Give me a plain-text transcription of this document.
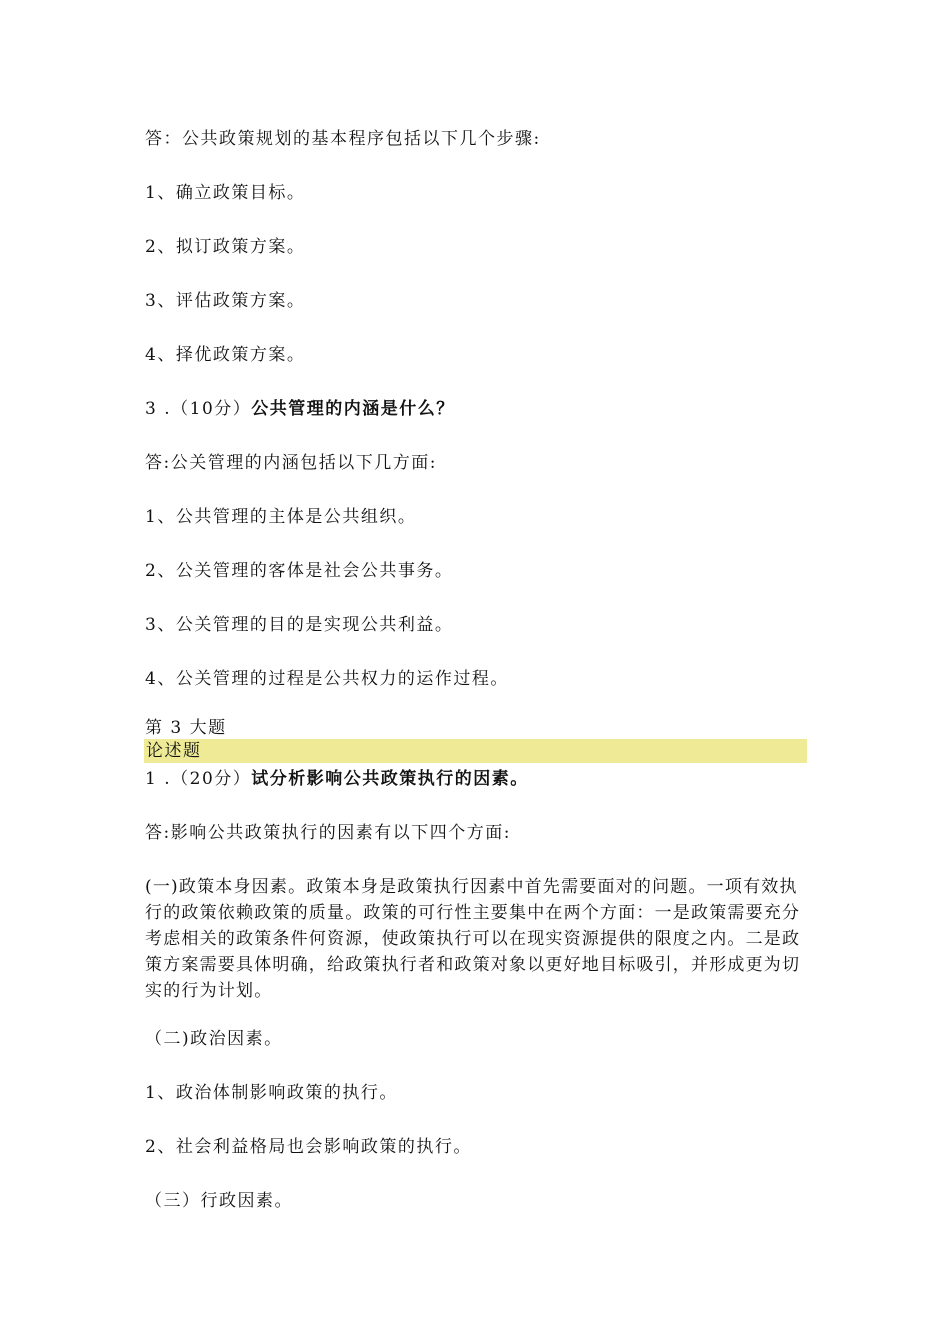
答：公共政策规划的基本程序包括以下几个步骤:
1、确立政策目标。
2、拟订政策方案。
3、评估政策方案。
4、择优政策方案。
3 .（10分）公共管理的内涵是什么？
答:公关管理的内涵包括以下几方面:
1、公共管理的主体是公共组织。
2、公关管理的客体是社会公共事务。
3、公关管理的目的是实现公共利益。
4、公关管理的过程是公共权力的运作过程。
第 3 大题
论述题
1 .（20分）试分析影响公共政策执行的因素。
答:影响公共政策执行的因素有以下四个方面:
(一)政策本身因素。政策本身是政策执行因素中首先需要面对的问题。一项有效执行的政策依赖政策的质量。政策的可行性主要集中在两个方面：一是政策需要充分考虑相关的政策条件何资源，使政策执行可以在现实资源提供的限度之内。二是政策方案需要具体明确，给政策执行者和政策对象以更好地目标吸引，并形成更为切实的行为计划。
（二)政治因素。
1、政治体制影响政策的执行。
2、社会利益格局也会影响政策的执行。
（三）行政因素。
